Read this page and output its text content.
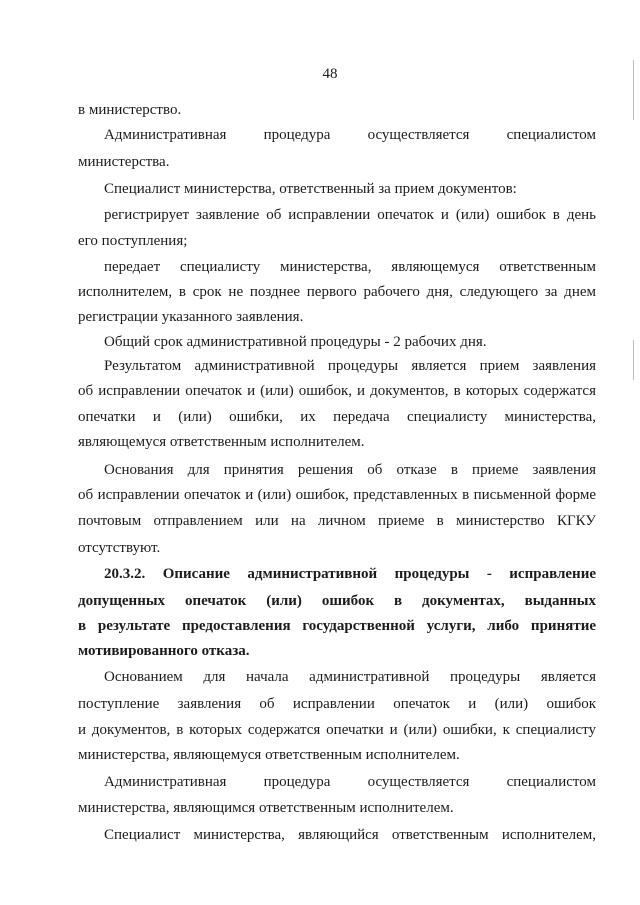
48
в министерство.
Административная процедура осуществляется специалистом
министерства.
Специалист министерства, ответственный за прием документов:
регистрирует заявление об исправлении опечаток и (или) ошибок в день
его поступления;
передает специалисту министерства, являющемуся ответственным
исполнителем, в срок не позднее первого рабочего дня, следующего за днем
регистрации указанного заявления.
Общий срок административной процедуры - 2 рабочих дня.
Результатом административной процедуры является прием заявления
об исправлении опечаток и (или) ошибок, и документов, в которых содержатся
опечатки и (или) ошибки, их передача специалисту министерства,
являющемуся ответственным исполнителем.
Основания для принятия решения об отказе в приеме заявления
об исправлении опечаток и (или) ошибок, представленных в письменной форме
почтовым отправлением или на личном приеме в министерство КГКУ
отсутствуют.
20.3.2. Описание административной процедуры - исправление
допущенных опечаток (или) ошибок в документах, выданных
в результате предоставления государственной услуги, либо принятие
мотивированного отказа.
Основанием для начала административной процедуры является
поступление заявления об исправлении опечаток и (или) ошибок
и документов, в которых содержатся опечатки и (или) ошибки, к специалисту
министерства, являющемуся ответственным исполнителем.
Административная процедура осуществляется специалистом
министерства, являющимся ответственным исполнителем.
Специалист министерства, являющийся ответственным исполнителем,
